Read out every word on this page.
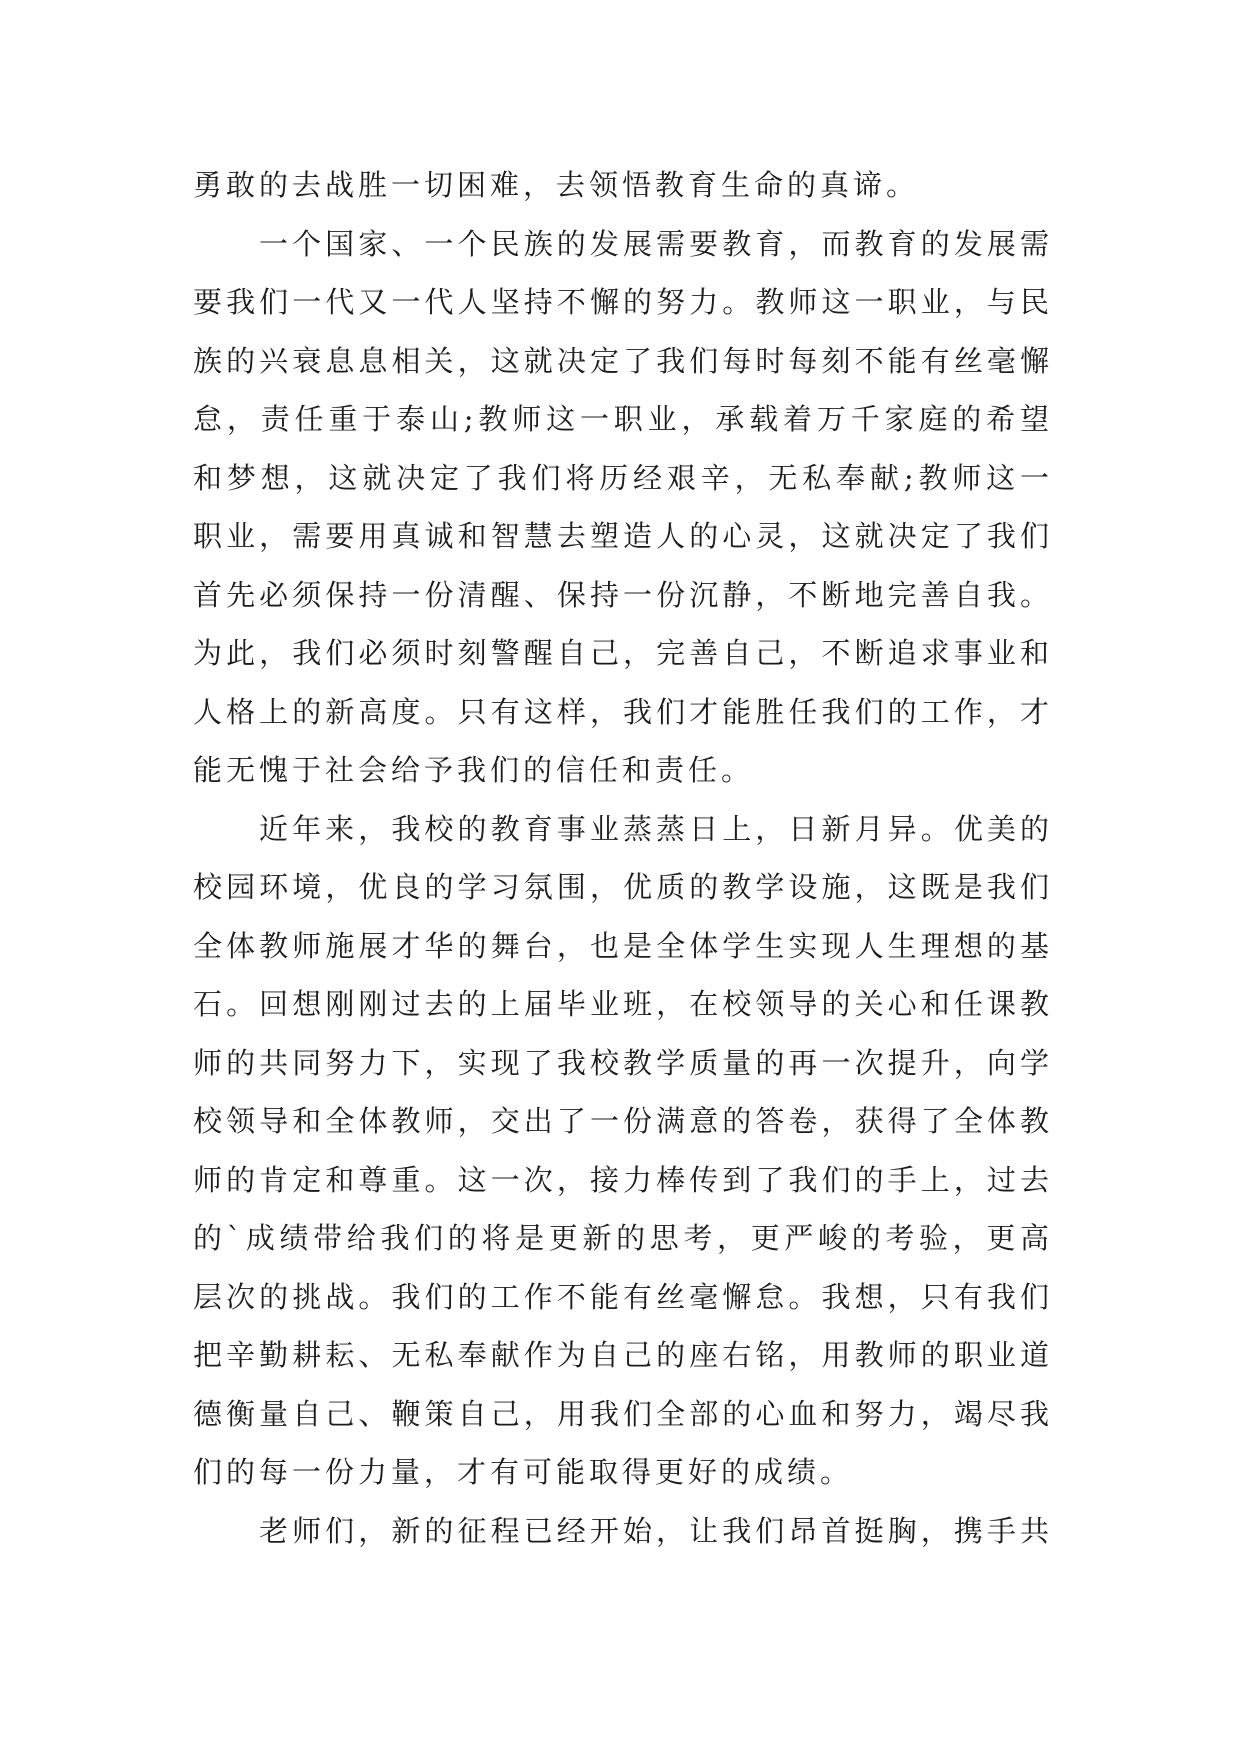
勇敢的去战胜一切困难，去领悟教育生命的真谛。
一个国家、一个民族的发展需要教育，而教育的发展需
要我们一代又一代人坚持不懈的努力。教师这一职业，与民
族的兴衰息息相关，这就决定了我们每时每刻不能有丝毫懈
怠，责任重于泰山;教师这一职业，承载着万千家庭的希望
和梦想，这就决定了我们将历经艰辛，无私奉献;教师这一
职业，需要用真诚和智慧去塑造人的心灵，这就决定了我们
首先必须保持一份清醒、保持一份沉静，不断地完善自我。
为此，我们必须时刻警醒自己，完善自己，不断追求事业和
人格上的新高度。只有这样，我们才能胜任我们的工作，才
能无愧于社会给予我们的信任和责任。
近年来，我校的教育事业蒸蒸日上，日新月异。优美的
校园环境，优良的学习氛围，优质的教学设施，这既是我们
全体教师施展才华的舞台，也是全体学生实现人生理想的基
石。回想刚刚过去的上届毕业班，在校领导的关心和任课教
师的共同努力下，实现了我校教学质量的再一次提升，向学
校领导和全体教师，交出了一份满意的答卷，获得了全体教
师的肯定和尊重。这一次，接力棒传到了我们的手上，过去
的`成绩带给我们的将是更新的思考，更严峻的考验，更高
层次的挑战。我们的工作不能有丝毫懈怠。我想，只有我们
把辛勤耕耘、无私奉献作为自己的座右铭，用教师的职业道
德衡量自己、鞭策自己，用我们全部的心血和努力，竭尽我
们的每一份力量，才有可能取得更好的成绩。
老师们，新的征程已经开始，让我们昂首挺胸，携手共
